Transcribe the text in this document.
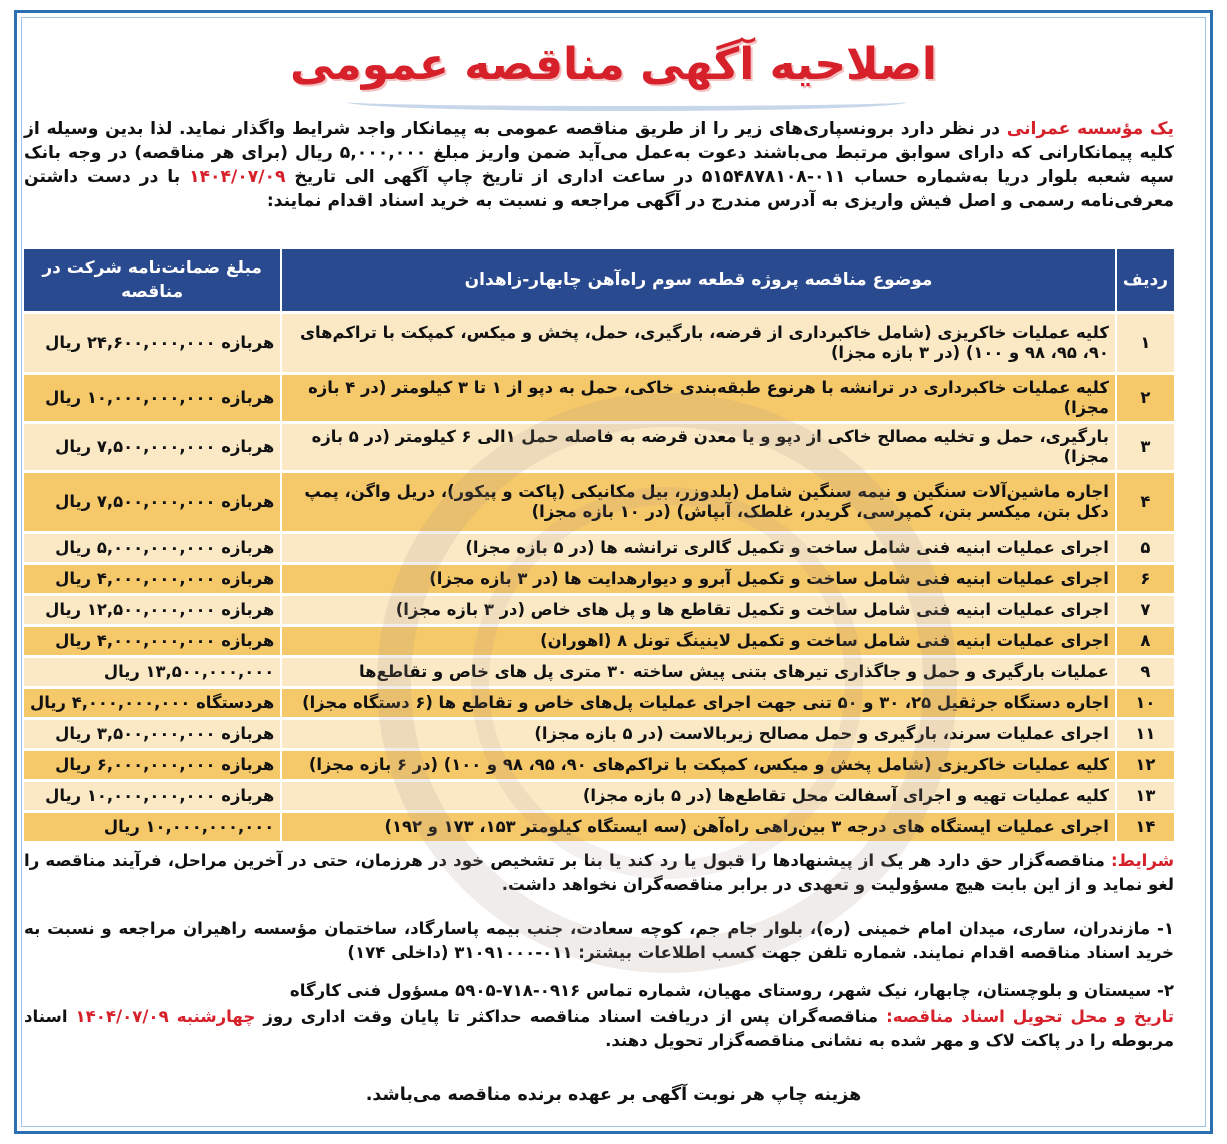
اصلاحیه آگهی مناقصه عمومی

یک مؤسسه عمرانی در نظر دارد برونسپاری‌های زیر را از طریق مناقصه عمومی به پیمانکار واجد شرایط واگذار نماید. لذا بدین وسیله از کلیه پیمانکارانی که دارای سوابق مرتبط می‌باشند دعوت به‌عمل می‌آید ضمن واریز مبلغ ۵,۰۰۰,۰۰۰ ریال (برای هر مناقصه) در وجه بانک سپه شعبه بلوار دریا به‌شماره حساب ۰۱۱-۵۱۵۴۸۷۸۱۰۸ در ساعت اداری از تاریخ چاپ آگهی الی تاریخ ۱۴۰۴/۰۷/۰۹ با در دست داشتن معرفی‌نامه رسمی و اصل فیش واریزی به آدرس مندرج در آگهی مراجعه و نسبت به خرید اسناد اقدام نمایند:

ردیف	موضوع مناقصه پروژه قطعه سوم راه‌آهن چابهار-زاهدان	مبلغ ضمانت‌نامه شرکت در مناقصه
۱	کلیه عملیات خاکریزی (شامل خاکبرداری از قرضه، بارگیری، حمل، پخش و میکس، کمپکت با تراکم‌های ۹۰، ۹۵، ۹۸ و ۱۰۰) (در ۳ بازه مجزا)	هربازه ۲۴,۶۰۰,۰۰۰,۰۰۰ ریال
۲	کلیه عملیات خاکبرداری در ترانشه با هرنوع طبقه‌بندی خاکی، حمل به دپو از ۱ تا ۳ کیلومتر (در ۴ بازه مجزا)	هربازه ۱۰,۰۰۰,۰۰۰,۰۰۰ ریال
۳	بارگیری، حمل و تخلیه مصالح خاکی از دپو و یا معدن قرضه به فاصله حمل ۱الی ۶ کیلومتر (در ۵ بازه مجزا)	هربازه ۷,۵۰۰,۰۰۰,۰۰۰ ریال
۴	اجاره ماشین‌آلات سنگین و نیمه سنگین شامل (بلدوزر، بیل مکانیکی (پاکت و پیکور)، دریل واگن، پمپ دکل بتن، میکسر بتن، کمپرسی، گریدر، غلطک، آبپاش) (در ۱۰ بازه مجزا)	هربازه ۷,۵۰۰,۰۰۰,۰۰۰ ریال
۵	اجرای عملیات ابنیه فنی شامل ساخت و تکمیل گالری ترانشه ها (در ۵ بازه مجزا)	هربازه ۵,۰۰۰,۰۰۰,۰۰۰ ریال
۶	اجرای عملیات ابنیه فنی شامل ساخت و تکمیل آبرو و دیوارهدایت ها (در ۳ بازه مجزا)	هربازه ۴,۰۰۰,۰۰۰,۰۰۰ ریال
۷	اجرای عملیات ابنیه فنی شامل ساخت و تکمیل تقاطع ها و پل های خاص (در ۳ بازه مجزا)	هربازه ۱۲,۵۰۰,۰۰۰,۰۰۰ ریال
۸	اجرای عملیات ابنیه فنی شامل ساخت و تکمیل لاینینگ تونل ۸ (اهوران)	هربازه ۴,۰۰۰,۰۰۰,۰۰۰ ریال
۹	عملیات بارگیری و حمل و جاگذاری تیرهای بتنی پیش ساخته ۳۰ متری پل های خاص و تقاطع‌ها	۱۳,۵۰۰,۰۰۰,۰۰۰ ریال
۱۰	اجاره دستگاه جرثقیل ۲۵، ۳۰ و ۵۰ تنی جهت اجرای عملیات پل‌های خاص و تقاطع ها (۶ دستگاه مجزا)	هردستگاه ۴,۰۰۰,۰۰۰,۰۰۰ ریال
۱۱	اجرای عملیات سرند، بارگیری و حمل مصالح زیربالاست (در ۵ بازه مجزا)	هربازه ۳,۵۰۰,۰۰۰,۰۰۰ ریال
۱۲	کلیه عملیات خاکریزی (شامل پخش و میکس، کمپکت با تراکم‌های ۹۰، ۹۵، ۹۸ و ۱۰۰) (در ۶ بازه مجزا)	هربازه ۶,۰۰۰,۰۰۰,۰۰۰ ریال
۱۳	کلیه عملیات تهیه و اجرای آسفالت محل تقاطع‌ها (در ۵ بازه مجزا)	هربازه ۱۰,۰۰۰,۰۰۰,۰۰۰ ریال
۱۴	اجرای عملیات ایستگاه های درجه ۳ بین‌راهی راه‌آهن (سه ایستگاه کیلومتر ۱۵۳، ۱۷۳ و ۱۹۲)	۱۰,۰۰۰,۰۰۰,۰۰۰ ریال
شرایط: مناقصه‌گزار حق دارد هر یک از پیشنهادها را قبول یا رد کند یا بنا بر تشخیص خود در هرزمان، حتی در آخرین مراحل، فرآیند مناقصه را لغو نماید و از این بابت هیچ مسؤولیت و تعهدی در برابر مناقصه‌گران نخواهد داشت.
۱- مازندران، ساری، میدان امام خمینی (ره)، بلوار جام جم، کوچه سعادت، جنب بیمه پاسارگاد، ساختمان مؤسسه راهیران مراجعه و نسبت به خرید اسناد مناقصه اقدام نمایند. شماره تلفن جهت کسب اطلاعات بیشتر: ۰۱۱-۳۱۰۹۱۰۰۰ (داخلی ۱۷۴)
۲- سیستان و بلوچستان، چابهار، نیک شهر، روستای مهیان، شماره تماس ۰۹۱۶-۷۱۸-۵۹۰۵ مسؤول فنی کارگاه
تاریخ و محل تحویل اسناد مناقصه: مناقصه‌گران پس از دریافت اسناد مناقصه حداکثر تا پایان وقت اداری روز چهارشنبه ۱۴۰۴/۰۷/۰۹ اسناد مربوطه را در پاکت لاک و مهر شده به نشانی مناقصه‌گزار تحویل دهند.
هزینه چاپ هر نوبت آگهی بر عهده برنده مناقصه می‌باشد.
